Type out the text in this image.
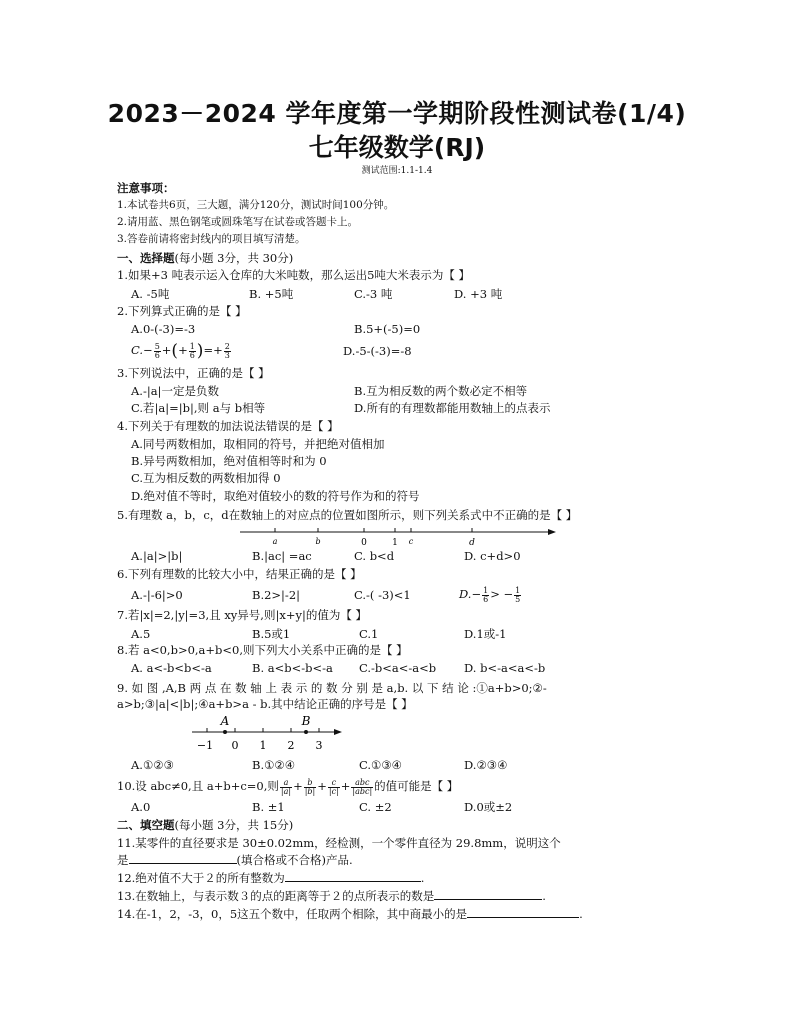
2023－2024 学年度第一学期阶段性测试卷(1/4)
七年级数学(RJ)
测试范围:1.1-1.4
注意事项：
1.本试卷共6页，三大题，满分120分，测试时间100分钟。
2.请用蓝、黑色钢笔或圆珠笔写在试卷或答题卡上。
3.答卷前请将密封线内的项目填写清楚。
一、选择题(每小题 3分，共 30分)
1.如果+3 吨表示运入仓库的大米吨数，那么运出5吨大米表示为【 】
A. -5吨	B. +5吨	C.-3 吨	D. +3 吨
2.下列算式正确的是【 】
A.0-(-3)=-3	B.5+(-5)=0
$C.- \frac{5}{6}$ +(+ $\frac{1}{6}$ )=+ $\frac{2}{3}$	D.-5-(-3)=-8
3.下列说法中，正确的是【 】
A.-|a|一定是负数	B.互为相反数的两个数必定不相等
C.若|a|=|b|,则 a与 b相等	D.所有的有理数都能用数轴上的点表示
4.下列关于有理数的加法说法错误的是【 】
A.同号两数相加，取相同的符号，并把绝对值相加
B.异号两数相加，绝对值相等时和为 0
C.互为相反数的两数相加得 0
D.绝对值不等时，取绝对值较小的数的符号作为和的符号
5.有理数 a，b，c，d在数轴上的对应点的位置如图所示，则下列关系式中不正确的是【 】
a	b	0	1 c	d
A.|a|>|b|	B.|ac| =ac	C. b<d	D. c+d>0
6.下列有理数的比较大小中，结果正确的是【 】
A.-|-6|>0	B.2>|-2|	C.-( -3)<1	$D.- \frac{1}{6}$ > − $\frac{1}{5}$
7.若|x|=2,|y|=3,且 xy异号,则|x+y|的值为【 】
A.5	B.5或1	C.1	D.1或-1
8.若 a<0,b>0,a+b<0,则下列大小关系中正确的是【 】
A. a<-b<b<-a	B. a<b<-b<-a C.-b<a<-a<b D. b<-a<a<-b
9. 如 图 ,A,B 两 点 在 数 轴 上 表 示 的 数 分 别 是 a,b. 以 下 结 论 :①a+b>0;②-
a>b;③|a|<|b|;④a+b>a - b.其中结论正确的序号是【 】
A	B
−1 0 1 2 3
A.①②③	B.①②④	C.①③④	D.②③④
10.设 abc≠0,且 a+b+c=0,则 $\frac{a}{|a|} + \frac{b}{|b|} + \frac{c}{|c|} + \frac{\text{abc}}{\text{|abc|}}$ 的值可能是【 】
A.0	B. ±1	C. ±2	D.0或±2
二、填空题(每小题 3分，共 15分)
11.某零件的直径要求是 30±0.02mm，经检测，一个零件直径为 29.8mm，说明这个
是	(填合格或不合格)产品.
12.绝对值不大于２的所有整数为	.
13.在数轴上，与表示数３的点的距离等于２的点所表示的数是	.
14.在-1，2，-3，0，5这五个数中，任取两个相除，其中商最小的是	.
